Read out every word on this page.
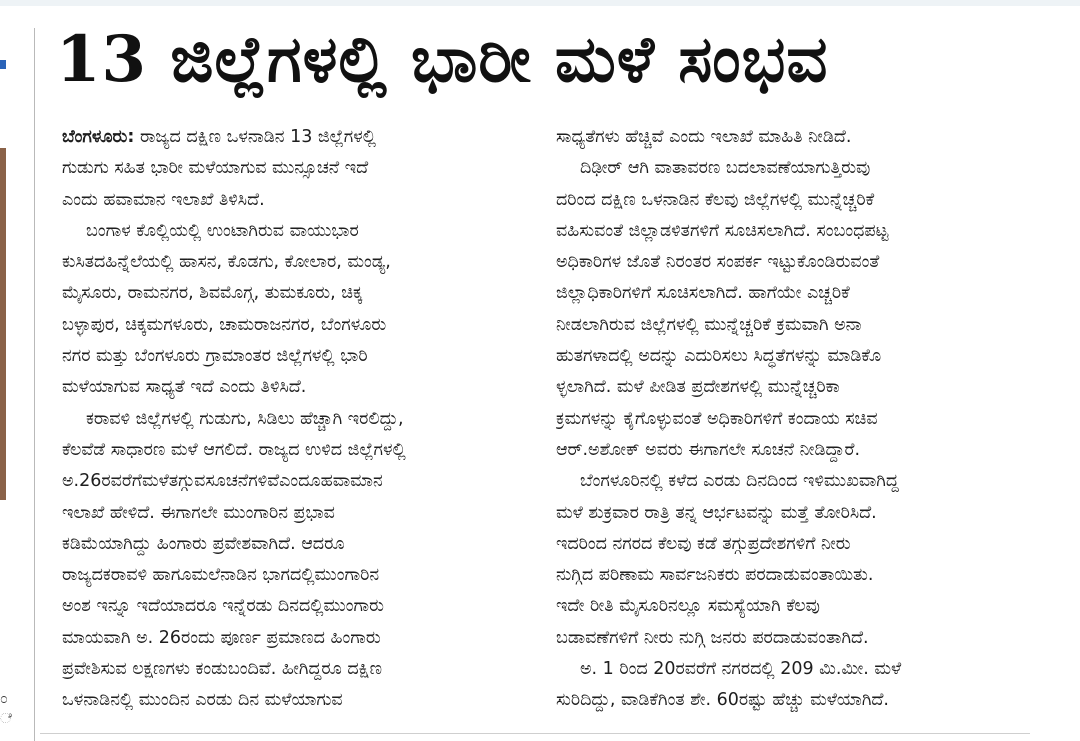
೦
ೆ
13 ಜಿಲ್ಲೆಗಳಲ್ಲಿ ಭಾರೀ ಮಳೆ ಸಂಭವ
ಬೆಂಗಳೂರು: ರಾಜ್ಯದ ದಕ್ಷಿಣ ಒಳನಾಡಿನ 13 ಜಿಲ್ಲೆಗಳಲ್ಲಿ
ಗುಡುಗು ಸಹಿತ ಭಾರೀ ಮಳೆಯಾಗುವ ಮುನ್ಸೂಚನೆ ಇದೆ
ಎಂದು ಹವಾಮಾನ ಇಲಾಖೆ ತಿಳಿಸಿದೆ.
ಬಂಗಾಳ ಕೊಲ್ಲಿಯಲ್ಲಿ ಉಂಟಾಗಿರುವ ವಾಯುಭಾರ
ಕುಸಿತದಹಿನ್ನೆಲೆಯಲ್ಲಿ ಹಾಸನ, ಕೊಡಗು, ಕೋಲಾರ, ಮಂಡ್ಯ,
ಮೈಸೂರು, ರಾಮನಗರ, ಶಿವಮೊಗ್ಗ, ತುಮಕೂರು, ಚಿಕ್ಕ
ಬಳ್ಳಾಪುರ, ಚಿಕ್ಕಮಗಳೂರು, ಚಾಮರಾಜನಗರ, ಬೆಂಗಳೂರು
ನಗರ ಮತ್ತು ಬೆಂಗಳೂರು ಗ್ರಾಮಾಂತರ ಜಿಲ್ಲೆಗಳಲ್ಲಿ ಭಾರಿ
ಮಳೆಯಾಗುವ ಸಾಧ್ಯತೆ ಇದೆ ಎಂದು ತಿಳಿಸಿದೆ.
ಕರಾವಳಿ ಜಿಲ್ಲೆಗಳಲ್ಲಿ ಗುಡುಗು, ಸಿಡಿಲು ಹೆಚ್ಚಾಗಿ ಇರಲಿದ್ದು,
ಕೆಲವೆಡೆ ಸಾಧಾರಣ ಮಳೆ ಆಗಲಿದೆ. ರಾಜ್ಯದ ಉಳಿದ ಜಿಲ್ಲೆಗಳಲ್ಲಿ
ಅ.26ರವರೆಗೆಮಳೆತಗ್ಗುವಸೂಚನೆಗಳಿವೆಎಂದೂಹವಾಮಾನ
ಇಲಾಖೆ ಹೇಳಿದೆ. ಈಗಾಗಲೇ ಮುಂಗಾರಿನ ಪ್ರಭಾವ
ಕಡಿಮೆಯಾಗಿದ್ದು ಹಿಂಗಾರು ಪ್ರವೇಶವಾಗಿದೆ. ಆದರೂ
ರಾಜ್ಯದಕರಾವಳಿ ಹಾಗೂಮಲೆನಾಡಿನ ಭಾಗದಲ್ಲಿಮುಂಗಾರಿನ
ಅಂಶ ಇನ್ನೂ ಇದೆಯಾದರೂ ಇನ್ನೆರಡು ದಿನದಲ್ಲಿಮುಂಗಾರು
ಮಾಯವಾಗಿ ಅ. 26ರಂದು ಪೂರ್ಣ ಪ್ರಮಾಣದ ಹಿಂಗಾರು
ಪ್ರವೇಶಿಸುವ ಲಕ್ಷಣಗಳು ಕಂಡುಬಂದಿವೆ. ಹೀಗಿದ್ದರೂ ದಕ್ಷಿಣ
ಒಳನಾಡಿನಲ್ಲಿ ಮುಂದಿನ ಎರಡು ದಿನ ಮಳೆಯಾಗುವ
ಸಾಧ್ಯತೆಗಳು ಹೆಚ್ಚಿವೆ ಎಂದು ಇಲಾಖೆ ಮಾಹಿತಿ ನೀಡಿದೆ.
ದಿಢೀರ್ ಆಗಿ ವಾತಾವರಣ ಬದಲಾವಣೆಯಾಗುತ್ತಿರುವು
ದರಿಂದ ದಕ್ಷಿಣ ಒಳನಾಡಿನ ಕೆಲವು ಜಿಲ್ಲೆಗಳಲ್ಲಿ ಮುನ್ನೆಚ್ಚರಿಕೆ
ವಹಿಸುವಂತೆ ಜಿಲ್ಲಾಡಳಿತಗಳಿಗೆ ಸೂಚಿಸಲಾಗಿದೆ. ಸಂಬಂಧಪಟ್ಟ
ಅಧಿಕಾರಿಗಳ ಜೊತೆ ನಿರಂತರ ಸಂಪರ್ಕ ಇಟ್ಟುಕೊಂಡಿರುವಂತೆ
ಜಿಲ್ಲಾಧಿಕಾರಿಗಳಿಗೆ ಸೂಚಿಸಲಾಗಿದೆ. ಹಾಗೆಯೇ ಎಚ್ಚರಿಕೆ
ನೀಡಲಾಗಿರುವ ಜಿಲ್ಲೆಗಳಲ್ಲಿ ಮುನ್ನೆಚ್ಚರಿಕೆ ಕ್ರಮವಾಗಿ ಅನಾ
ಹುತಗಳಾದಲ್ಲಿ ಅದನ್ನು ಎದುರಿಸಲು ಸಿದ್ಧತೆಗಳನ್ನು ಮಾಡಿಕೊ
ಳ್ಳಲಾಗಿದೆ. ಮಳೆ ಪೀಡಿತ ಪ್ರದೇಶಗಳಲ್ಲಿ ಮುನ್ನೆಚ್ಚರಿಕಾ
ಕ್ರಮಗಳನ್ನು ಕೈಗೊಳ್ಳುವಂತೆ ಅಧಿಕಾರಿಗಳಿಗೆ ಕಂದಾಯ ಸಚಿವ
ಆರ್.ಅಶೋಕ್ ಅವರು ಈಗಾಗಲೇ ಸೂಚನೆ ನೀಡಿದ್ದಾರೆ.
ಬೆಂಗಳೂರಿನಲ್ಲಿ ಕಳೆದ ಎರಡು ದಿನದಿಂದ ಇಳಿಮುಖವಾಗಿದ್ದ
ಮಳೆ ಶುಕ್ರವಾರ ರಾತ್ರಿ ತನ್ನ ಆರ್ಭಟವನ್ನು ಮತ್ತೆ ತೋರಿಸಿದೆ.
ಇದರಿಂದ ನಗರದ ಕೆಲವು ಕಡೆ ತಗ್ಗುಪ್ರದೇಶಗಳಿಗೆ ನೀರು
ನುಗ್ಗಿದ ಪರಿಣಾಮ ಸಾರ್ವಜನಿಕರು ಪರದಾಡುವಂತಾಯಿತು.
ಇದೇ ರೀತಿ ಮೈಸೂರಿನಲ್ಲೂ ಸಮಸ್ಯೆಯಾಗಿ ಕೆಲವು
ಬಡಾವಣೆಗಳಿಗೆ ನೀರು ನುಗ್ಗಿ ಜನರು ಪರದಾಡುವಂತಾಗಿದೆ.
ಅ. 1 ರಿಂದ 20ರವರೆಗೆ ನಗರದಲ್ಲಿ 209 ಮಿ.ಮೀ. ಮಳೆ
ಸುರಿದಿದ್ದು, ವಾಡಿಕೆಗಿಂತ ಶೇ. 60ರಷ್ಟು ಹೆಚ್ಚು ಮಳೆಯಾಗಿದೆ.
